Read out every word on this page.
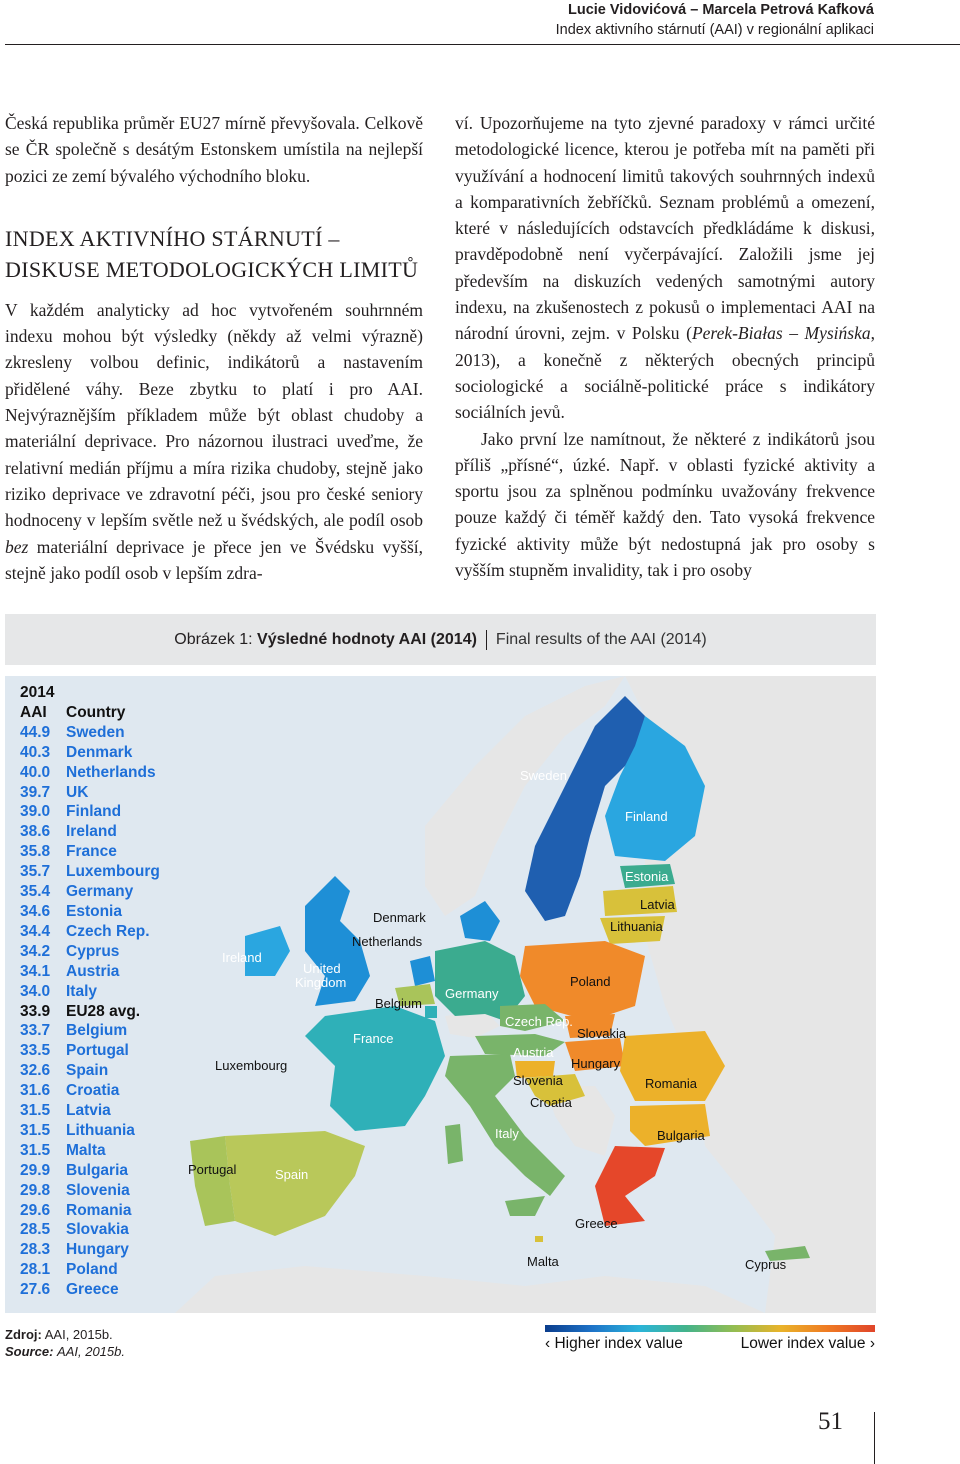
Lucie Vidovićová – Marcela Petrová Kafková
Index aktivního stárnutí (AAI) v regionální aplikaci

Česká republika průměr EU27 mírně převyšovala. Celkově se ČR společně s desátým Estonskem umístila na nejlepší pozici ze zemí bývalého východního bloku.

INDEX AKTIVNÍHO STÁRNUTÍ –
DISKUSE METODOLOGICKÝCH LIMITŮ

V každém analyticky ad hoc vytvořeném souhrnném indexu mohou být výsledky (někdy až velmi výrazně) zkresleny volbou definic, indikátorů a nastavením přidělené váhy. Beze zbytku to platí i pro AAI. Nejvýraznějším příkladem může být oblast chudoby a materiální deprivace. Pro názornou ilustraci uveďme, že relativní medián příjmu a míra rizika chudoby, stejně jako riziko deprivace ve zdravotní péči, jsou pro české seniory hodnoceny v lepším světle než u švédských, ale podíl osob bez materiální deprivace je přece jen ve Švédsku vyšší, stejně jako podíl osob v lepším zdra-

ví. Upozorňujeme na tyto zjevné paradoxy v rámci určité metodologické licence, kterou je potřeba mít na paměti při využívání a hodnocení limitů takových souhrnných indexů a komparativních žebříčků. Seznam problémů a omezení, které v následujících odstavcích předkládáme k diskusi, pravděpodobně není vyčerpávající. Založili jsme jej především na diskuzích vedených samotnými autory indexu, na zkušenostech z pokusů o implementaci AAI na národní úrovni, zejm. v Polsku (Perek-Białas – Mysińska, 2013), a konečně z některých obecných principů sociologické a sociálně-politické práce s indikátory sociálních jevů.

Jako první lze namítnout, že některé z indikátorů jsou příliš „přísné“, úzké. Např. v oblasti fyzické aktivity a sportu jsou za splněnou podmínku uvažovány frekvence pouze každý či téměř každý den. Tato vysoká frekvence fyzické aktivity může být nedostupná jak pro osoby s vyšším stupněm invalidity, tak i pro osoby

Obrázek 1: Výsledné hodnoty AAI (2014) Final results of the AAI (2014)
Sweden
Finland
Estonia
Latvia
Lithuania
Denmark
Netherlands
Ireland
United
Kingdom
Belgium
Germany
Poland
Czech Rep.
Slovakia
Austria
Hungary
France
Luxembourg
Slovenia
Croatia
Romania
Italy	Bulgaria
Portugal	Spain
Greece
Malta	Cyprus
2014
AAI	Country
44.9	Sweden
40.3	Denmark
40.0	Netherlands
39.7	UK
39.0	Finland
38.6	Ireland
35.8	France
35.7	Luxembourg
35.4	Germany
34.6	Estonia
34.4	Czech Rep.
34.2	Cyprus
34.1	Austria
34.0	Italy
33.9	EU28 avg.
33.7	Belgium
33.5	Portugal
32.6	Spain
31.6	Croatia
31.5	Latvia
31.5	Lithuania
31.5	Malta
29.9	Bulgaria
29.8	Slovenia
29.6	Romania
28.5	Slovakia
28.3	Hungary
28.1	Poland
27.6	Greece
Zdroj: AAI, 2015b.
Source: AAI, 2015b.	‹ Higher index value	Lower index value ›
51
